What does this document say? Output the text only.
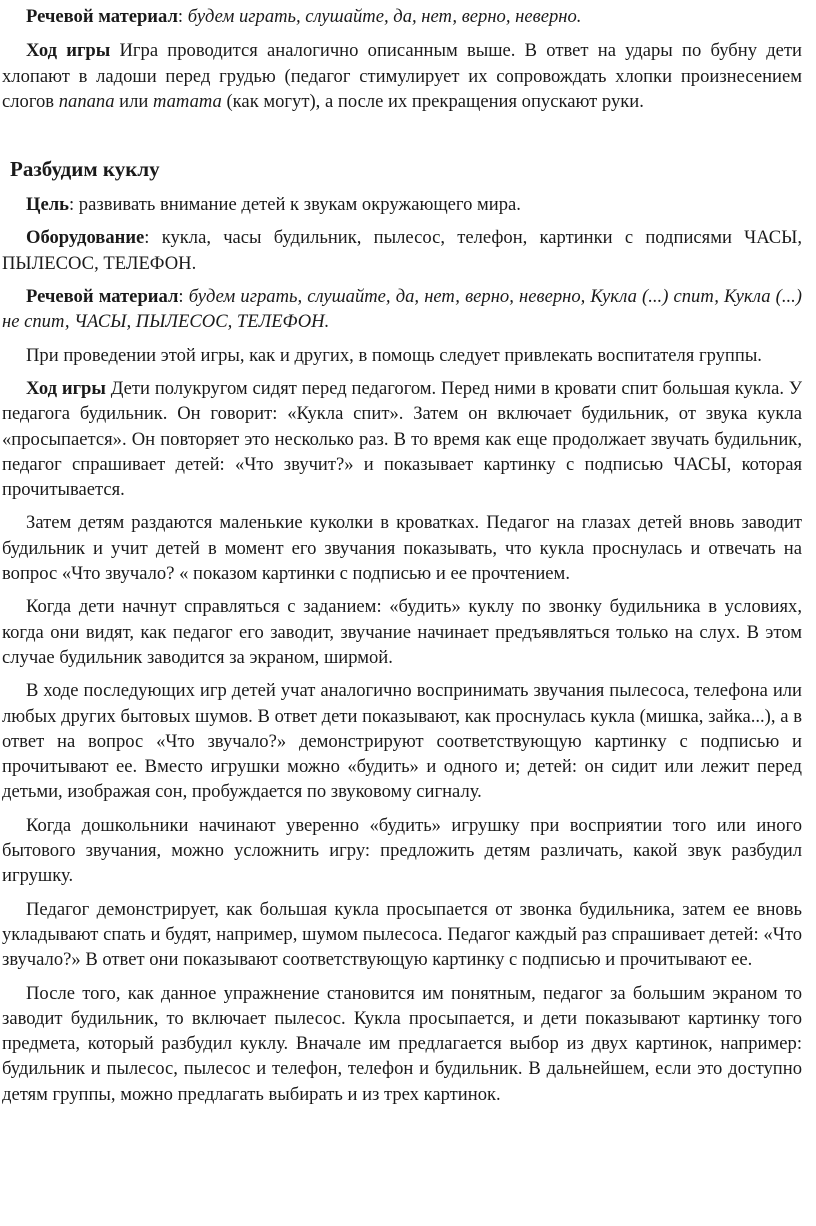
Речевой материал: будем играть, слушайте, да, нет, верно, неверно.

Ход игры Игра проводится аналогично описанным выше. В ответ на удары по бубну дети хлопают в ладоши перед грудью (педагог стимулирует их сопровождать хлопки произнесением слогов папапа или татата (как могут), а после их прекращения опускают руки.

Разбудим куклу

Цель: развивать внимание детей к звукам окружающего мира.

Оборудование: кукла, часы будильник, пылесос, телефон, картинки с подписями ЧАСЫ, ПЫЛЕСОС, ТЕЛЕФОН.

Речевой материал: будем играть, слушайте, да, нет, верно, неверно, Кукла (...) спит, Кукла (...) не спит, ЧАСЫ, ПЫЛЕСОС, ТЕЛЕФОН.

При проведении этой игры, как и других, в помощь следует привлекать воспитателя группы.

Ход игры Дети полукругом сидят перед педагогом. Перед ними в кровати спит большая кукла. У педагога будильник. Он говорит: «Кукла спит». Затем он включает будильник, от звука кукла «просыпается». Он повторяет это несколько раз. В то время как еще продолжает звучать будильник, педагог спрашивает детей: «Что звучит?» и показывает картинку с подписью ЧАСЫ, которая прочитывается.

Затем детям раздаются маленькие куколки в кроватках. Педагог на глазах детей вновь заводит будильник и учит детей в момент его звучания показывать, что кукла проснулась и отвечать на вопрос «Что звучало? « показом картинки с подписью и ее прочтением.

Когда дети начнут справляться с заданием: «будить» куклу по звонку будильника в условиях, когда они видят, как педагог его заводит, звучание начинает предъявляться только на слух. В этом случае будильник заводится за экраном, ширмой.

В ходе последующих игр детей учат аналогично воспринимать звучания пылесоса, телефона или любых других бытовых шумов. В ответ дети показывают, как проснулась кукла (мишка, зайка...), а в ответ на вопрос «Что звучало?» демонстрируют соответствующую картинку с подписью и прочитывают ее. Вместо игрушки можно «будить» и одного и; детей: он сидит или лежит перед детьми, изображая сон, пробуждается по звуковому сигналу.

Когда дошкольники начинают уверенно «будить» игрушку при восприятии того или иного бытового звучания, можно усложнить игру: предложить детям различать, какой звук разбудил игрушку.

Педагог демонстрирует, как большая кукла просыпается от звонка будильника, затем ее вновь укладывают спать и будят, например, шумом пылесоса. Педагог каждый раз спрашивает детей: «Что звучало?» В ответ они показывают соответствующую картинку с подписью и прочитывают ее.

После того, как данное упражнение становится им понятным, педагог за большим экраном то заводит будильник, то включает пылесос. Кукла просыпается, и дети показывают картинку того предмета, который разбудил куклу. Вначале им предлагается выбор из двух картинок, например: будильник и пылесос, пылесос и телефон, телефон и будильник. В дальнейшем, если это доступно детям группы, можно предлагать выбирать и из трех картинок.
